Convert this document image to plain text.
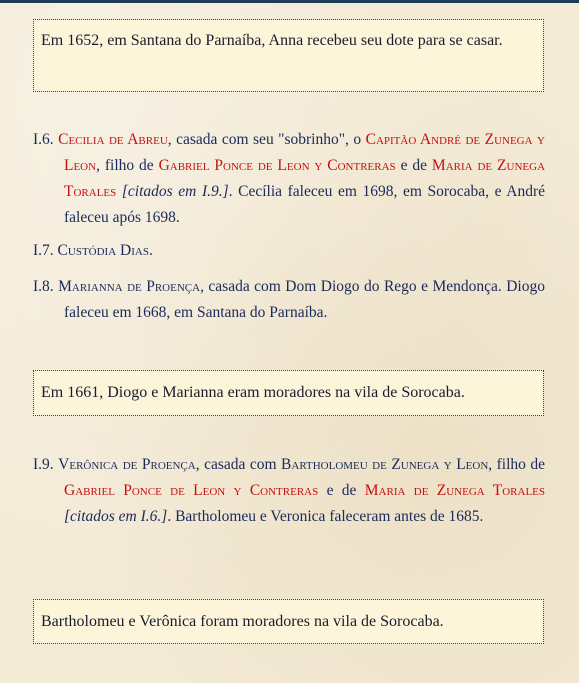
Em 1652, em Santana do Parnaíba, Anna recebeu seu dote para se casar.
I.6. Cecilia de Abreu, casada com seu "sobrinho", o Capitão André de Zunega y Leon, filho de Gabriel Ponce de Leon y Contreras e de Maria de Zunega Torales [citados em I.9.]. Cecília faleceu em 1698, em Sorocaba, e André faleceu após 1698.
I.7. Custódia Dias.
I.8. Marianna de Proença, casada com Dom Diogo do Rego e Mendonça. Diogo faleceu em 1668, em Santana do Parnaíba.
Em 1661, Diogo e Marianna eram moradores na vila de Sorocaba.
I.9. Verônica de Proença, casada com Bartholomeu de Zunega y Leon, filho de Gabriel Ponce de Leon y Contreras e de Maria de Zunega Torales [citados em I.6.]. Bartholomeu e Veronica faleceram antes de 1685.
Bartholomeu e Verônica foram moradores na vila de Sorocaba.
